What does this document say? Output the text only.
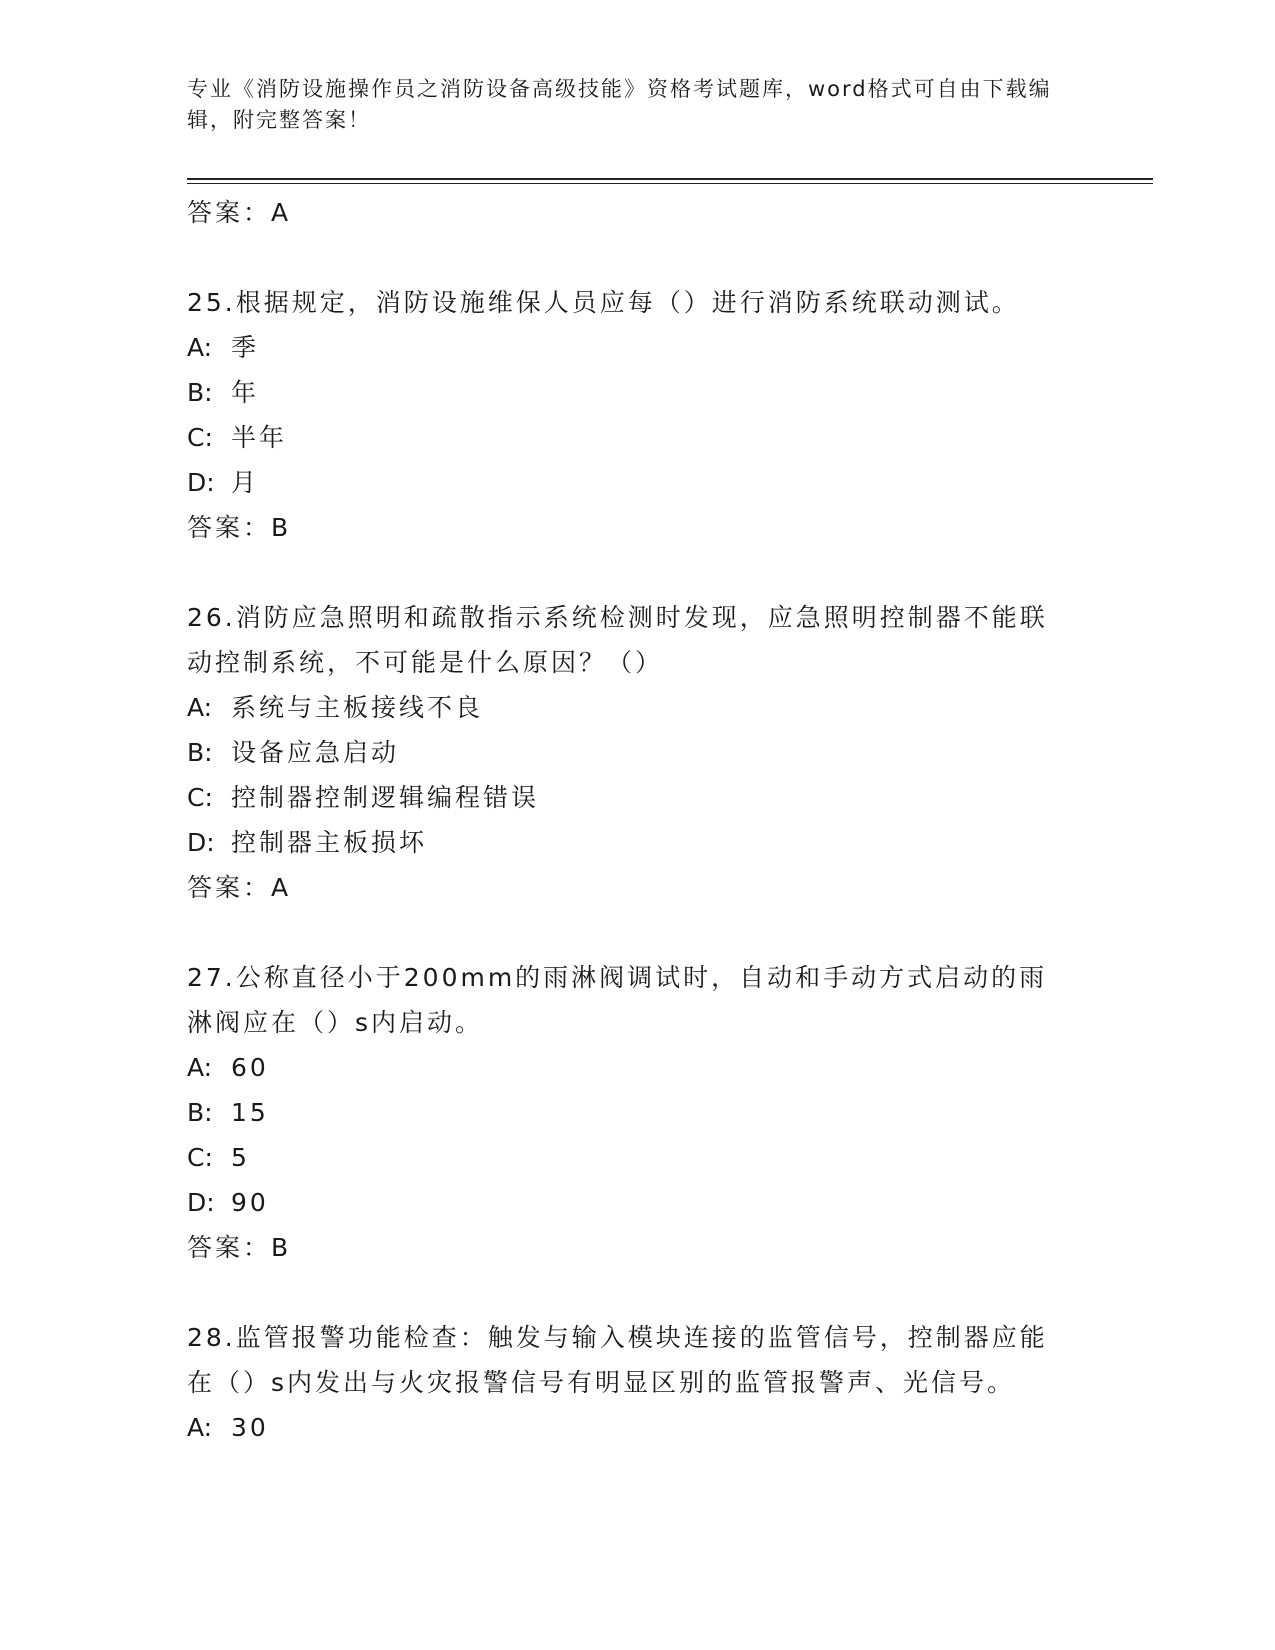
专业《消防设施操作员之消防设备高级技能》资格考试题库，word格式可自由下载编辑，附完整答案！

答案：A

25.根据规定，消防设施维保人员应每（）进行消防系统联动测试。

A: 季
B: 年
C: 半年
D: 月
答案：B

26.消防应急照明和疏散指示系统检测时发现，应急照明控制器不能联动控制系统，不可能是什么原因？（）

A: 系统与主板接线不良
B: 设备应急启动
C: 控制器控制逻辑编程错误
D: 控制器主板损坏
答案：A

27.公称直径小于200mm的雨淋阀调试时，自动和手动方式启动的雨淋阀应在（）s内启动。

A: 60
B: 15
C: 5
D: 90
答案：B

28.监管报警功能检查：触发与输入模块连接的监管信号，控制器应能在（）s内发出与火灾报警信号有明显区别的监管报警声、光信号。

A: 30
